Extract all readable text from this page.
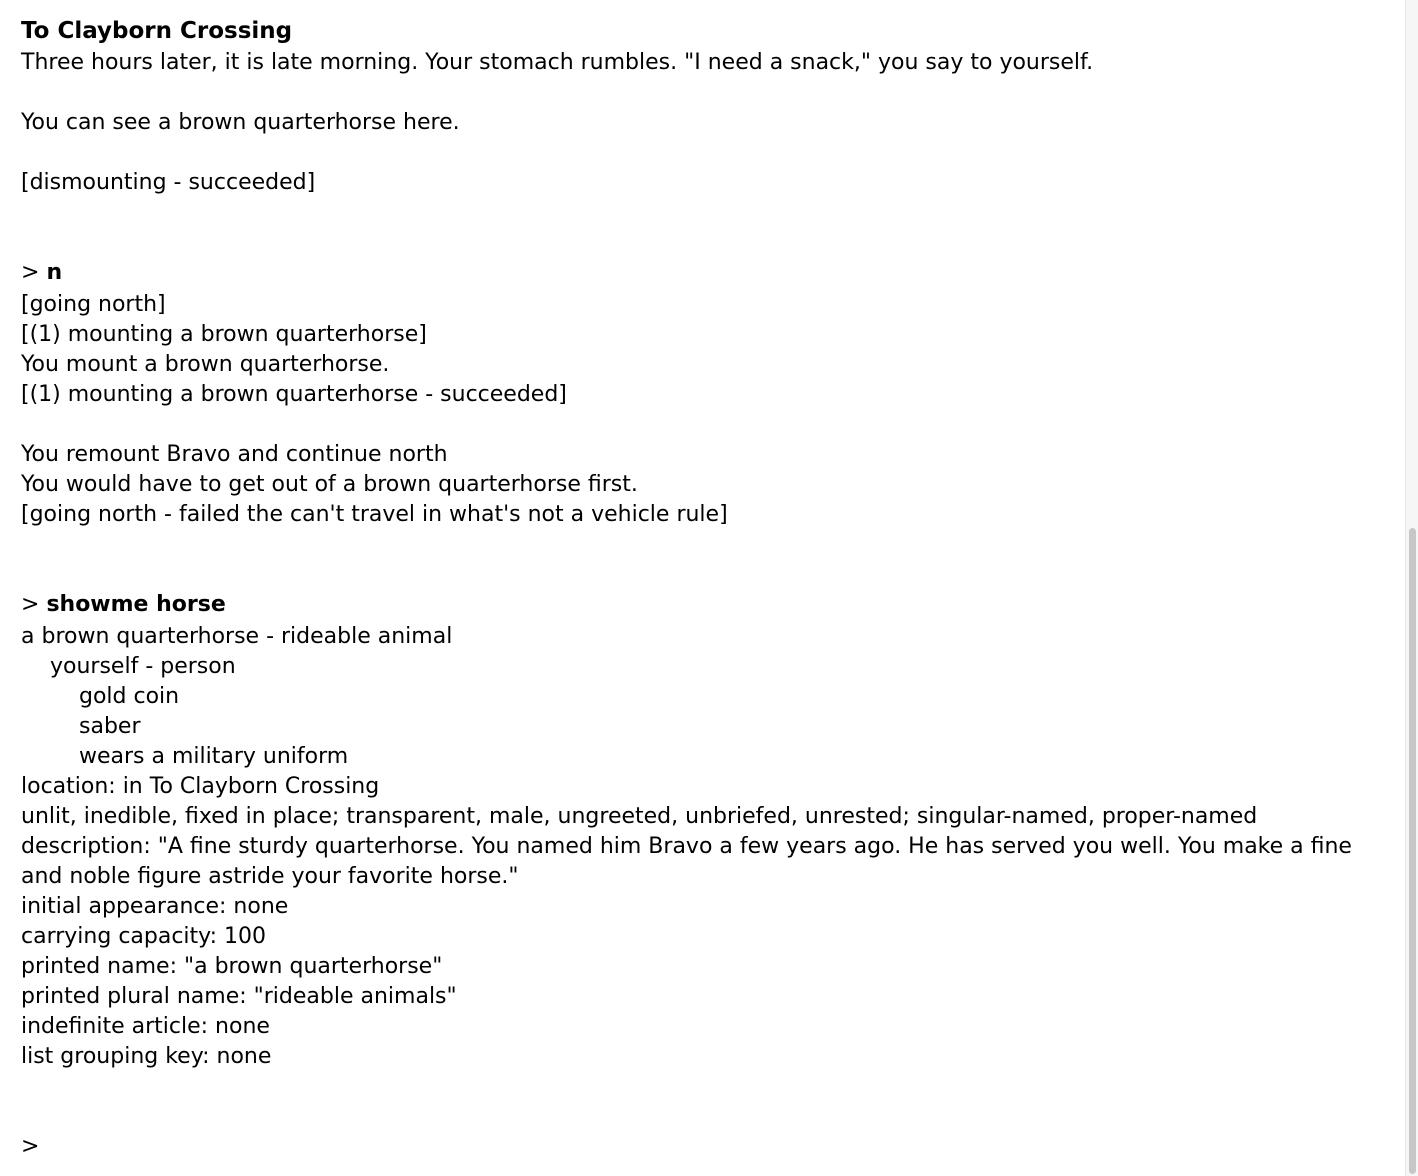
To Clayborn Crossing
Three hours later, it is late morning. Your stomach rumbles. "I need a snack," you say to yourself.
You can see a brown quarterhorse here.
[dismounting - succeeded]
> n
[going north]
[(1) mounting a brown quarterhorse]
You mount a brown quarterhorse.
[(1) mounting a brown quarterhorse - succeeded]
You remount Bravo and continue north
You would have to get out of a brown quarterhorse first.
[going north - failed the can't travel in what's not a vehicle rule]
> showme horse
a brown quarterhorse - rideable animal
yourself - person
gold coin
saber
wears a military uniform
location: in To Clayborn Crossing
unlit, inedible, fixed in place; transparent, male, ungreeted, unbriefed, unrested; singular-named, proper-named
description: "A fine sturdy quarterhorse. You named him Bravo a few years ago. He has served you well. You make a fine and noble figure astride your favorite horse."
initial appearance: none
carrying capacity: 100
printed name: "a brown quarterhorse"
printed plural name: "rideable animals"
indefinite article: none
list grouping key: none
>
